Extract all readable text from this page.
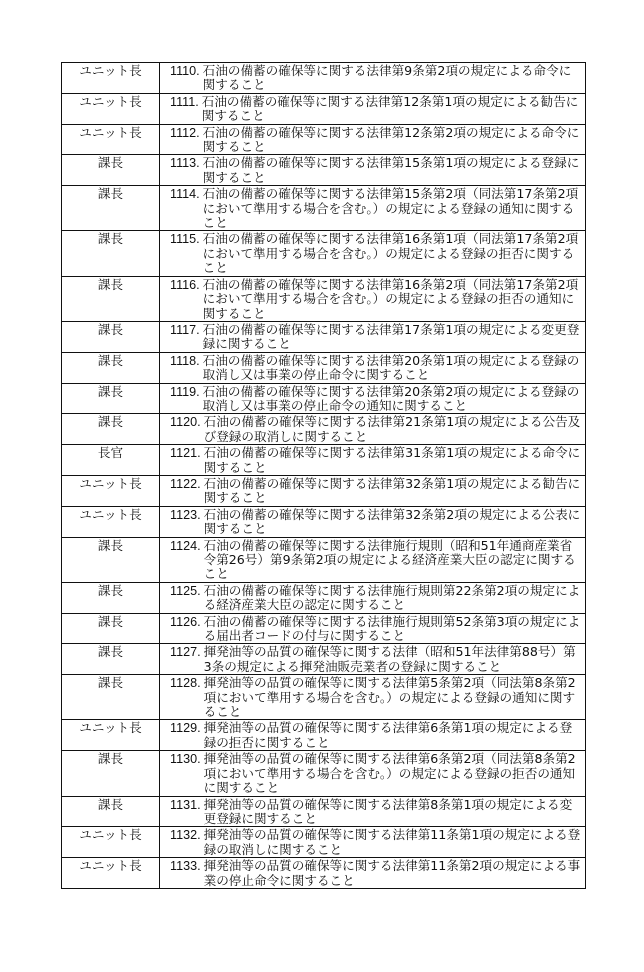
ユニット長	1110. 石油の備蓄の確保等に関する法律第9条第2項の規定による命令に関すること

ユニット長	1111. 石油の備蓄の確保等に関する法律第12条第1項の規定による勧告に関すること

ユニット長	1112. 石油の備蓄の確保等に関する法律第12条第2項の規定による命令に関すること

課長	1113. 石油の備蓄の確保等に関する法律第15条第1項の規定による登録に関すること

課長	1114. 石油の備蓄の確保等に関する法律第15条第2項（同法第17条第2項において準用する場合を含む。）の規定による登録の通知に関すること

課長	1115. 石油の備蓄の確保等に関する法律第16条第1項（同法第17条第2項において準用する場合を含む。）の規定による登録の拒否に関すること

課長	1116. 石油の備蓄の確保等に関する法律第16条第2項（同法第17条第2項において準用する場合を含む。）の規定による登録の拒否の通知に関すること

課長	1117. 石油の備蓄の確保等に関する法律第17条第1項の規定による変更登録に関すること

課長	1118. 石油の備蓄の確保等に関する法律第20条第1項の規定による登録の取消し又は事業の停止命令に関すること

課長	1119. 石油の備蓄の確保等に関する法律第20条第2項の規定による登録の取消し又は事業の停止命令の通知に関すること

課長	1120. 石油の備蓄の確保等に関する法律第21条第1項の規定による公告及び登録の取消しに関すること

長官	1121. 石油の備蓄の確保等に関する法律第31条第1項の規定による命令に関すること

ユニット長	1122. 石油の備蓄の確保等に関する法律第32条第1項の規定による勧告に関すること

ユニット長	1123. 石油の備蓄の確保等に関する法律第32条第2項の規定による公表に関すること

課長	1124. 石油の備蓄の確保等に関する法律施行規則（昭和51年通商産業省令第26号）第9条第2項の規定による経済産業大臣の認定に関すること

課長	1125. 石油の備蓄の確保等に関する法律施行規則第22条第2項の規定による経済産業大臣の認定に関すること

課長	1126. 石油の備蓄の確保等に関する法律施行規則第52条第3項の規定による届出者コードの付与に関すること

課長	1127. 揮発油等の品質の確保等に関する法律（昭和51年法律第88号）第3条の規定による揮発油販売業者の登録に関すること

課長	1128. 揮発油等の品質の確保等に関する法律第5条第2項（同法第8条第2項において準用する場合を含む。）の規定による登録の通知に関すること

ユニット長	1129. 揮発油等の品質の確保等に関する法律第6条第1項の規定による登録の拒否に関すること

課長	1130. 揮発油等の品質の確保等に関する法律第6条第2項（同法第8条第2項において準用する場合を含む。）の規定による登録の拒否の通知に関すること

課長	1131. 揮発油等の品質の確保等に関する法律第8条第1項の規定による変更登録に関すること

ユニット長	1132. 揮発油等の品質の確保等に関する法律第11条第1項の規定による登録の取消しに関すること

ユニット長	1133. 揮発油等の品質の確保等に関する法律第11条第2項の規定による事業の停止命令に関すること
